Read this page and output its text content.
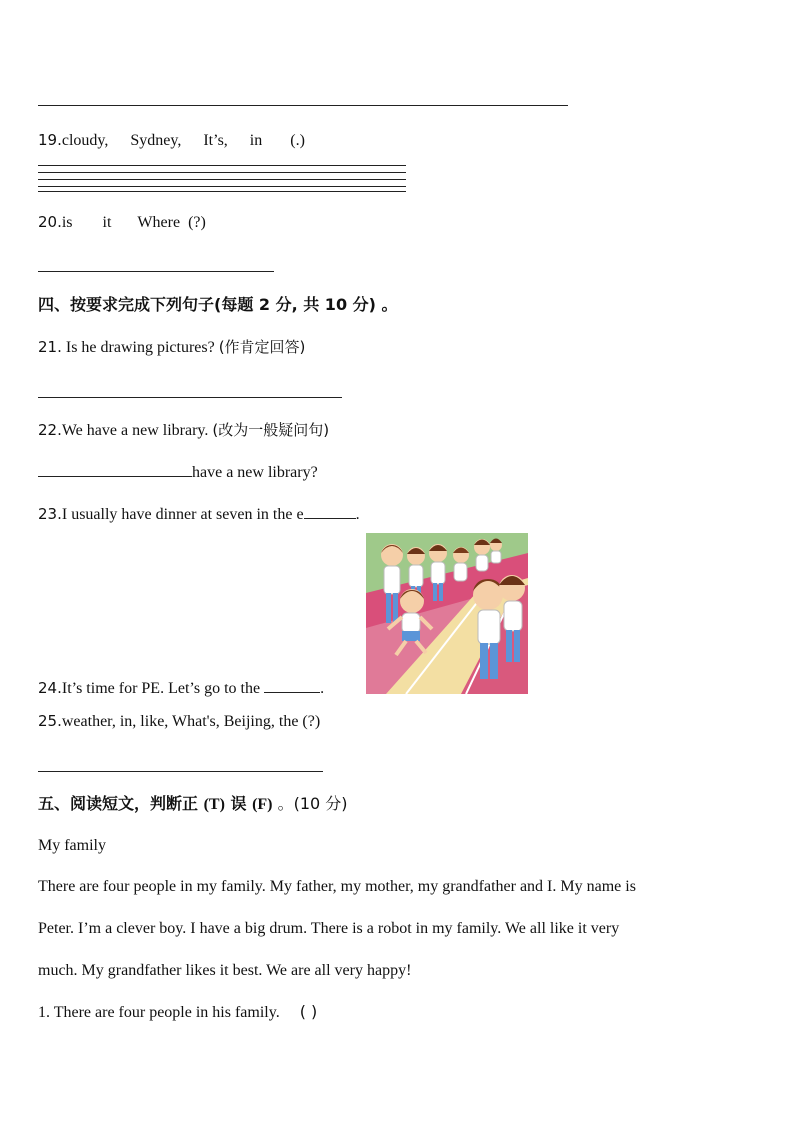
19.cloudy, Sydney, It’s, in (.)
20.is it Where (?)
四、按要求完成下列句子(每题 2 分, 共 10 分) 。
21. Is he drawing pictures? (作肯定回答)
22.We have a new library. (改为一般疑问句)
have a new library?
23.I usually have dinner at seven in the e	.
24.It’s time for PE. Let’s go to the	.
25.weather, in, like, What's, Beijing, the (?)
五、阅读短文，判断正 (T) 误 (F) 。(10 分)
My family
There are four people in my family. My father, my mother, my grandfather and I. My name is
Peter. I’m a clever boy. I have a big drum. There is a robot in my family. We all like it very
much. My grandfather likes it best. We are all very happy!
1. There are four people in his family. ( )
